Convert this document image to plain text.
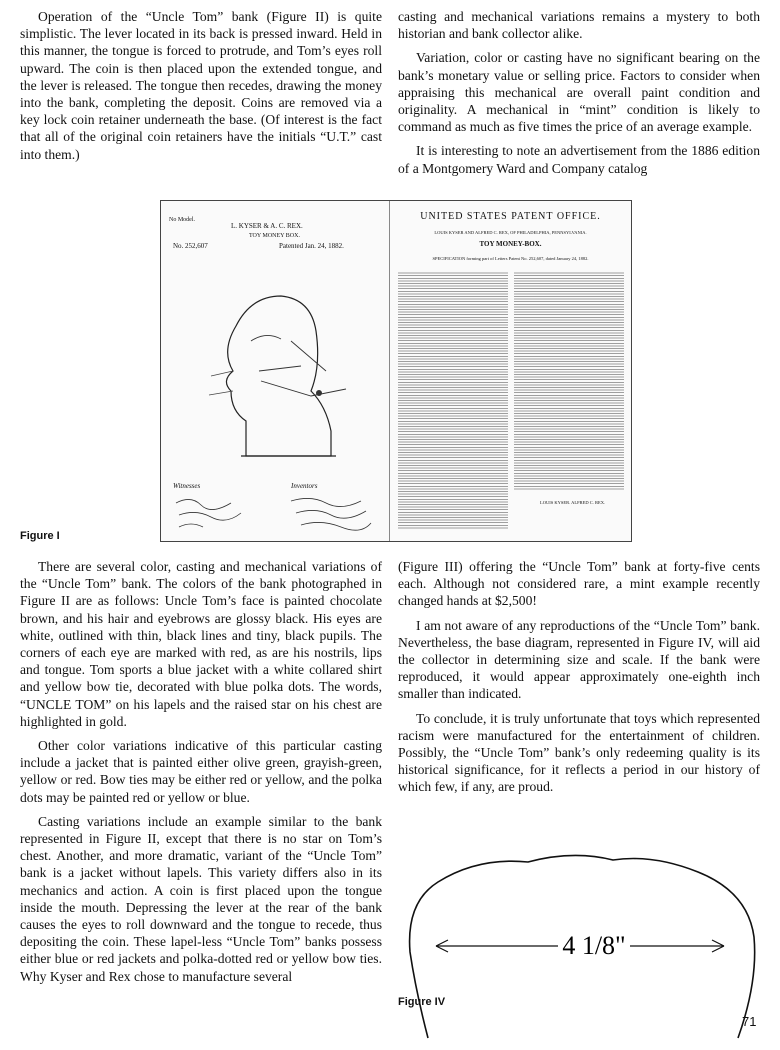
Operation of the “Uncle Tom” bank (Figure II) is quite simplistic. The lever located in its back is pressed inward. Held in this manner, the tongue is forced to protrude, and Tom’s eyes roll upward. The coin is then placed upon the extended tongue, and the lever is released. The tongue then recedes, drawing the money into the bank, completing the deposit. Coins are removed via a key lock coin retainer underneath the base. (Of interest is the fact that all of the original coin retainers have the initials “U.T.” cast into them.)

casting and mechanical variations remains a mystery to both historian and bank collector alike.

Variation, color or casting have no significant bearing on the bank’s monetary value or selling price. Factors to consider when appraising this mechanical are overall paint condition and originality. A mechanical in “mint” condition is likely to command as much as five times the price of an average example.

It is interesting to note an advertisement from the 1886 edition of a Montgomery Ward and Company catalog

No Model.
L. KYSER & A. C. REX.
TOY MONEY BOX.
No. 252,607	Patented Jan. 24, 1882.
Witnesses	Inventors
UNITED STATES PATENT OFFICE.
LOUIS KYSER AND ALFRED C. REX, OF PHILADELPHIA, PENNSYLVANIA.
TOY MONEY-BOX.
SPECIFICATION forming part of Letters Patent No. 252,607, dated January 24, 1882.
LOUIS KYSER. ALFRED C. REX.
Figure I

There are several color, casting and mechanical variations of the “Uncle Tom” bank. The colors of the bank photographed in Figure II are as follows: Uncle Tom’s face is painted chocolate brown, and his hair and eyebrows are glossy black. His eyes are white, outlined with thin, black lines and tiny, black pupils. The corners of each eye are marked with red, as are his nostrils, lips and tongue. Tom sports a blue jacket with a white collared shirt and yellow bow tie, decorated with blue polka dots. The words, “UNCLE TOM” on his lapels and the raised star on his chest are highlighted in gold.

Other color variations indicative of this particular casting include a jacket that is painted either olive green, grayish-green, yellow or red. Bow ties may be either red or yellow, and the polka dots may be painted red or yellow or blue.

Casting variations include an example similar to the bank represented in Figure II, except that there is no star on Tom’s chest. Another, and more dramatic, variant of the “Uncle Tom” bank is a jacket without lapels. This variety differs also in its mechanics and action. A coin is first placed upon the tongue inside the mouth. Depressing the lever at the rear of the bank causes the eyes to roll downward and the tongue to recede, thus depositing the coin. These lapel-less “Uncle Tom” banks possess either blue or red jackets and polka-dotted red or yellow bow ties. Why Kyser and Rex chose to manufacture several

(Figure III) offering the “Uncle Tom” bank at forty-five cents each. Although not considered rare, a mint example recently changed hands at $2,500!

I am not aware of any reproductions of the “Uncle Tom” bank. Nevertheless, the base diagram, represented in Figure IV, will aid the collector in determining size and scale. If the bank were reproduced, it would appear approximately one-eighth inch smaller than indicated.

To conclude, it is truly unfortunate that toys which represented racism were manufactured for the entertainment of children. Possibly, the “Uncle Tom” bank’s only redeeming quality is its historical significance, for it reflects a period in our history of which few, if any, are proud.

4 1/8"
Figure IV
71
